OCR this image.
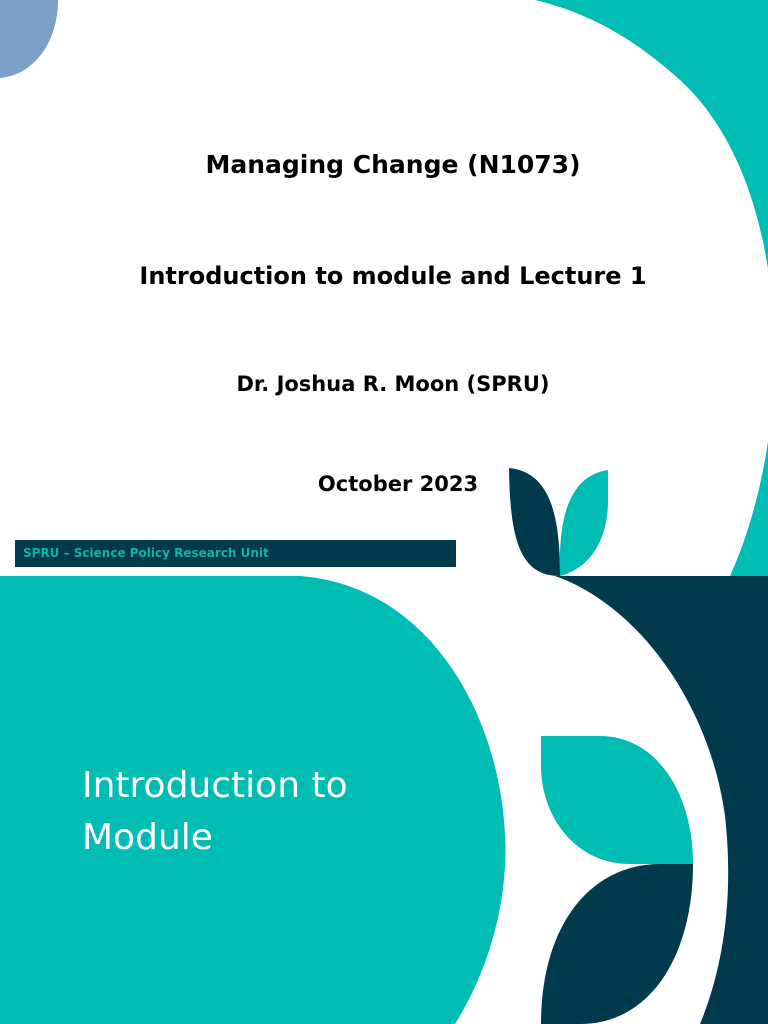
Managing Change (N1073)

Introduction to module and Lecture 1

Dr. Joshua R. Moon (SPRU)

October 2023

SPRU – Science Policy Research Unit
Introduction to
Module
